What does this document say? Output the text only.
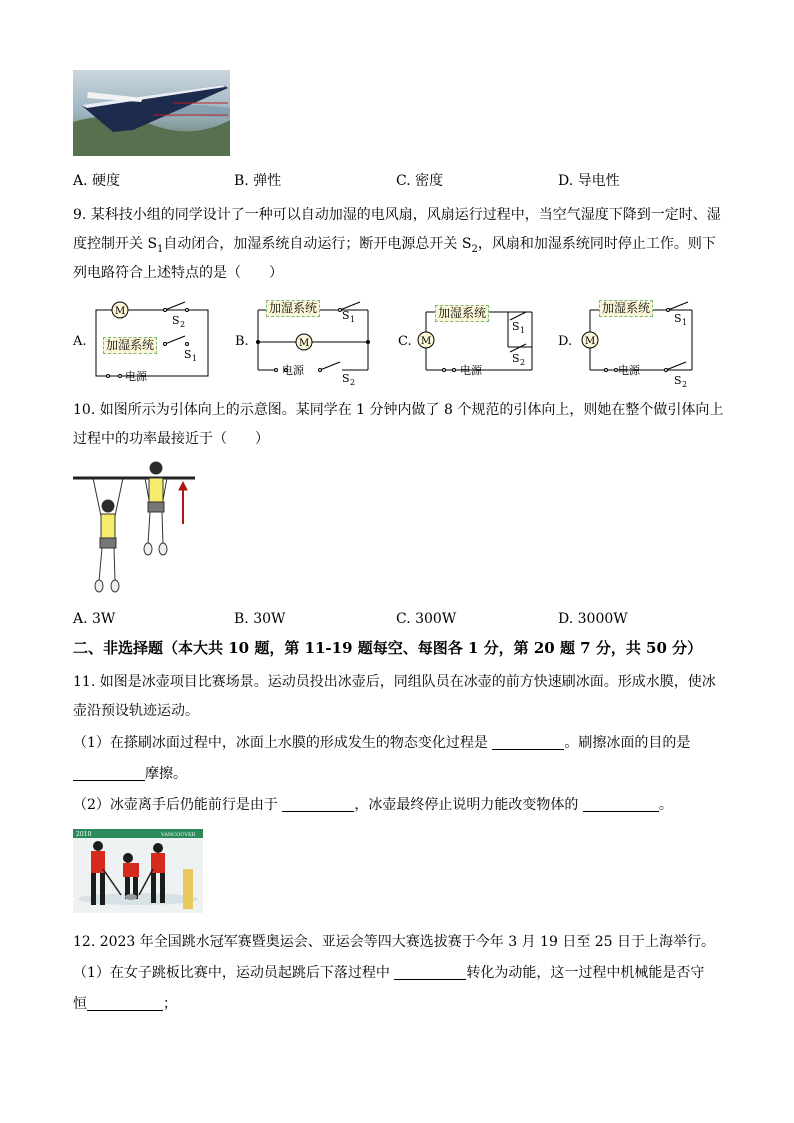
A. 硬度	B. 弹性	C. 密度	D. 导电性
9. 某科技小组的同学设计了一种可以自动加湿的电风扇，风扇运行过程中，当空气湿度下降到一定时、湿
度控制开关 $S_1$自动闭合，加湿系统自动运行；断开电源总开关 $S_2$，风扇和加湿系统同时停止工作。则下
列电路符合上述特点的是（　　）
A.
M
S 2
S 1
电源
B.	M
S 1
电源
S 2
C. M
S 1
S 2
电源
D. M
S 1
电源
S 2
加湿系统
加湿系统	加湿系统	加湿系统
10. 如图所示为引体向上的示意图。某同学在 1 分钟内做了 8 个规范的引体向上，则她在整个做引体向上
过程中的功率最接近于（　　）
A. 3W	B. 30W	C. 300W	D. 3000W
二、非选择题（本大共 10 题，第 11-19 题每空、每图各 1 分，第 20 题 7 分，共 50 分）
11. 如图是冰壶项目比赛场景。运动员投出冰壶后，同组队员在冰壶的前方快速刷冰面。形成水膜，使冰
壶沿预设轨迹运动。
（1）在搽刷冰面过程中，冰面上水膜的形成发生的物态变化过程是	。刷擦冰面的目的是
摩擦。
（2）冰壶离手后仍能前行是由于	，冰壶最终停止说明力能改变物体的	。
2010	VANCOUVER
12. 2023 年全国跳水冠军赛暨奥运会、亚运会等四大赛选拔赛于今年 3 月 19 日至 25 日于上海举行。
（1）在女子跳板比赛中，运动员起跳后下落过程中	转化为动能，这一过程中机械能是否守
恒	；
